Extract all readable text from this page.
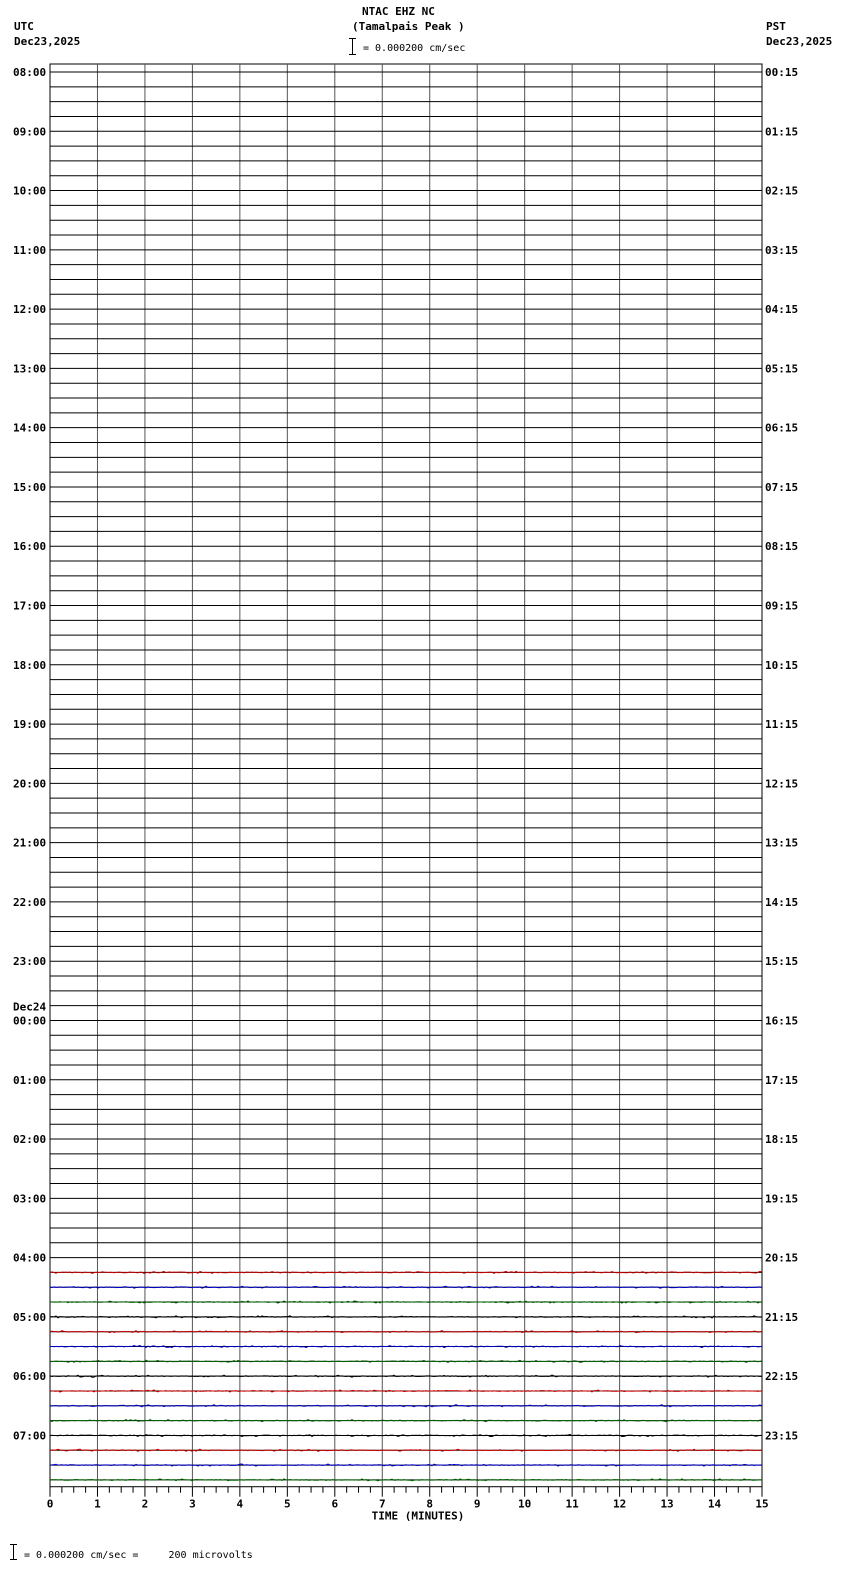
NTAC EHZ NC
(Tamalpais Peak )
UTC
Dec23,2025
PST
Dec23,2025
= 0.000200 cm/sec
08:00
09:00
10:00
11:00
12:00
13:00
14:00
15:00
16:00
17:00
18:00
19:00
20:00
21:00
22:00
23:00
00:00
Dec24
01:00
02:00
03:00
04:00
05:00
06:00
07:00
00:15
01:15
02:15
03:15
04:15
05:15
06:15
07:15
08:15
09:15
10:15
11:15
12:15
13:15
14:15
15:15
16:15
17:15
18:15
19:15
20:15
21:15
22:15
23:15
0	1	2	3	4	5	6	7	8	9	10	11	12	13	14	15
TIME (MINUTES)
= 0.000200 cm/sec =     200 microvolts
